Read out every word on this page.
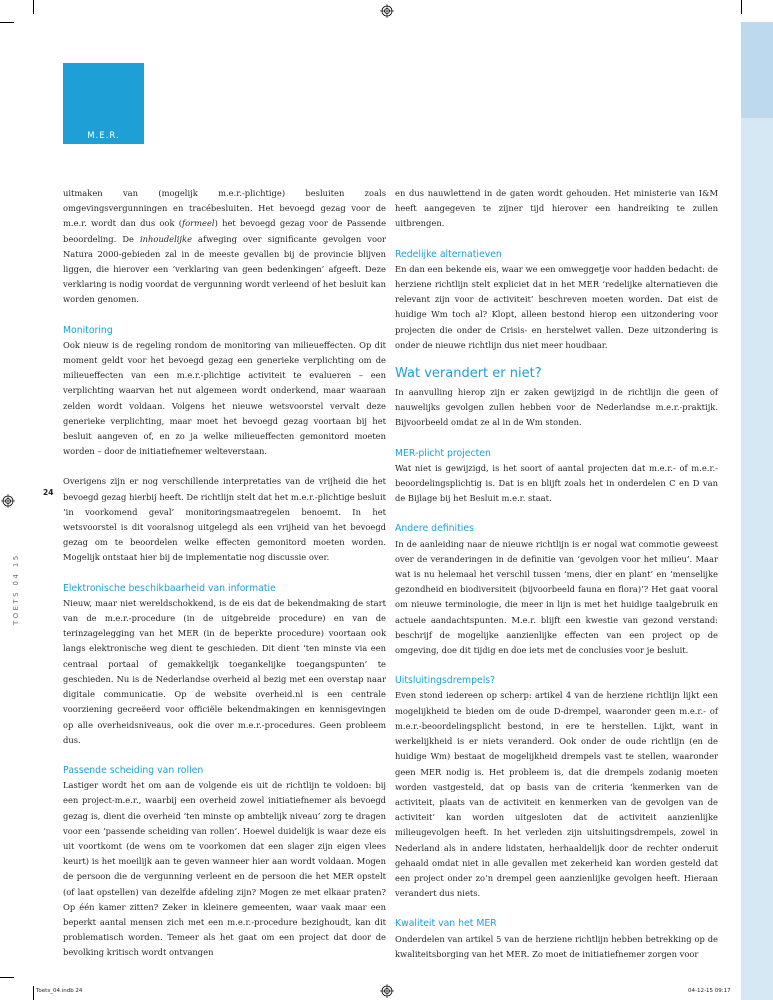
M.E.R.
24
TOETS 04 15

uitmaken van (mogelijk m.e.r.-plichtige) besluiten zoals omgevingsvergunningen en tracébesluiten. Het bevoegd gezag voor de m.e.r. wordt dan dus ook (formeel) het bevoegd gezag voor de Passende beoordeling. De inhoudelijke afweging over significante gevolgen voor Natura 2000-gebieden zal in de meeste gevallen bij de provincie blijven liggen, die hierover een ‘verklaring van geen bedenkingen’ afgeeft. Deze verklaring is nodig voordat de vergunning wordt verleend of het besluit kan worden genomen.

Monitoring

Ook nieuw is de regeling rondom de monitoring van milieueffecten. Op dit moment geldt voor het bevoegd gezag een generieke verplichting om de milieueffecten van een m.e.r.-plichtige activiteit te evalueren – een verplichting waarvan het nut algemeen wordt onderkend, maar waaraan zelden wordt voldaan. Volgens het nieuwe wetsvoorstel vervalt deze generieke verplichting, maar moet het bevoegd gezag voortaan bij het besluit aangeven of, en zo ja welke milieueffecten gemonitord moeten worden – door de initiatiefnemer welteverstaan.

Overigens zijn er nog verschillende interpretaties van de vrijheid die het bevoegd gezag hierbij heeft. De richtlijn stelt dat het m.e.r.-plichtige besluit ‘in voorkomend geval’ monitoringsmaatregelen benoemt. In het wetsvoorstel is dit vooralsnog uitgelegd als een vrijheid van het bevoegd gezag om te beoordelen welke effecten gemonitord moeten worden. Mogelijk ontstaat hier bij de implementatie nog discussie over.

Elektronische beschikbaarheid van informatie

Nieuw, maar niet wereldschokkend, is de eis dat de bekendmaking de start van de m.e.r.-procedure (in de uitgebreide procedure) en van de terinzagelegging van het MER (in de beperkte procedure) voortaan ook langs elektronische weg dient te geschieden. Dit dient ‘ten minste via een centraal portaal of gemakkelijk toegankelijke toegangspunten’ te geschieden. Nu is de Nederlandse overheid al bezig met een overstap naar digitale communicatie. Op de website overheid.nl is een centrale voorziening gecreëerd voor officiële bekendmakingen en kennisgevingen op alle overheidsniveaus, ook die over m.e.r.-procedures. Geen probleem dus.

Passende scheiding van rollen

Lastiger wordt het om aan de volgende eis uit de richtlijn te voldoen: bij een project-m.e.r., waarbij een overheid zowel initiatiefnemer als bevoegd gezag is, dient die overheid ‘ten minste op ambtelijk niveau’ zorg te dragen voor een ‘passende scheiding van rollen’. Hoewel duidelijk is waar deze eis uit voortkomt (de wens om te voorkomen dat een slager zijn eigen vlees keurt) is het moeilijk aan te geven wanneer hier aan wordt voldaan. Mogen de persoon die de vergunning verleent en de persoon die het MER opstelt (of laat opstellen) van dezelfde afdeling zijn? Mogen ze met elkaar praten? Op één kamer zitten? Zeker in kleinere gemeenten, waar vaak maar een beperkt aantal mensen zich met een m.e.r.-procedure bezighoudt, kan dit problematisch worden. Temeer als het gaat om een project dat door de bevolking kritisch wordt ontvangen

en dus nauwlettend in de gaten wordt gehouden. Het ministerie van I&M heeft aangegeven te zijner tijd hierover een handreiking te zullen uitbrengen.

Redelijke alternatieven

En dan een bekende eis, waar we een omweggetje voor hadden bedacht: de herziene richtlijn stelt expliciet dat in het MER ‘redelijke alternatieven die relevant zijn voor de activiteit’ beschreven moeten worden. Dat eist de huidige Wm toch al? Klopt, alleen bestond hierop een uitzondering voor projecten die onder de Crisis- en herstelwet vallen. Deze uitzondering is onder de nieuwe richtlijn dus niet meer houdbaar.

Wat verandert er niet?

In aanvulling hierop zijn er zaken gewijzigd in de richtlijn die geen of nauwelijks gevolgen zullen hebben voor de Nederlandse m.e.r.-praktijk. Bijvoorbeeld omdat ze al in de Wm stonden.

MER-plicht projecten

Wat niet is gewijzigd, is het soort of aantal projecten dat m.e.r.- of m.e.r.-beoordelingsplichtig is. Dat is en blijft zoals het in onderdelen C en D van de Bijlage bij het Besluit m.e.r. staat.

Andere definities

In de aanleiding naar de nieuwe richtlijn is er nogal wat commotie geweest over de veranderingen in de definitie van ‘gevolgen voor het milieu’. Maar wat is nu helemaal het verschil tussen ‘mens, dier en plant’ en ‘menselijke gezondheid en biodiversiteit (bijvoorbeeld fauna en flora)’? Het gaat vooral om nieuwe terminologie, die meer in lijn is met het huidige taalgebruik en actuele aandachtspunten. M.e.r. blijft een kwestie van gezond verstand: beschrijf de mogelijke aanzienlijke effecten van een project op de omgeving, doe dit tijdig en doe iets met de conclusies voor je besluit.

Uitsluitingsdrempels?

Even stond iedereen op scherp: artikel 4 van de herziene richtlijn lijkt een mogelijkheid te bieden om de oude D-drempel, waaronder geen m.e.r.- of m.e.r.-beoordelingsplicht bestond, in ere te herstellen. Lijkt, want in werkelijkheid is er niets veranderd. Ook onder de oude richtlijn (en de huidige Wm) bestaat de mogelijkheid drempels vast te stellen, waaronder geen MER nodig is. Het probleem is, dat die drempels zodanig moeten worden vastgesteld, dat op basis van de criteria ‘kenmerken van de activiteit, plaats van de activiteit en kenmerken van de gevolgen van de activiteit’ kan worden uitgesloten dat de activiteit aanzienlijke milieugevolgen heeft. In het verleden zijn uitsluitingsdrempels, zowel in Nederland als in andere lidstaten, herhaaldelijk door de rechter onderuit gehaald omdat niet in alle gevallen met zekerheid kan worden gesteld dat een project onder zo’n drempel geen aanzienlijke gevolgen heeft. Hieraan verandert dus niets.

Kwaliteit van het MER

Onderdelen van artikel 5 van de herziene richtlijn hebben betrekking op de kwaliteitsborging van het MER. Zo moet de initiatiefnemer zorgen voor

Toets_04.indb 24	04-12-15 09:17
